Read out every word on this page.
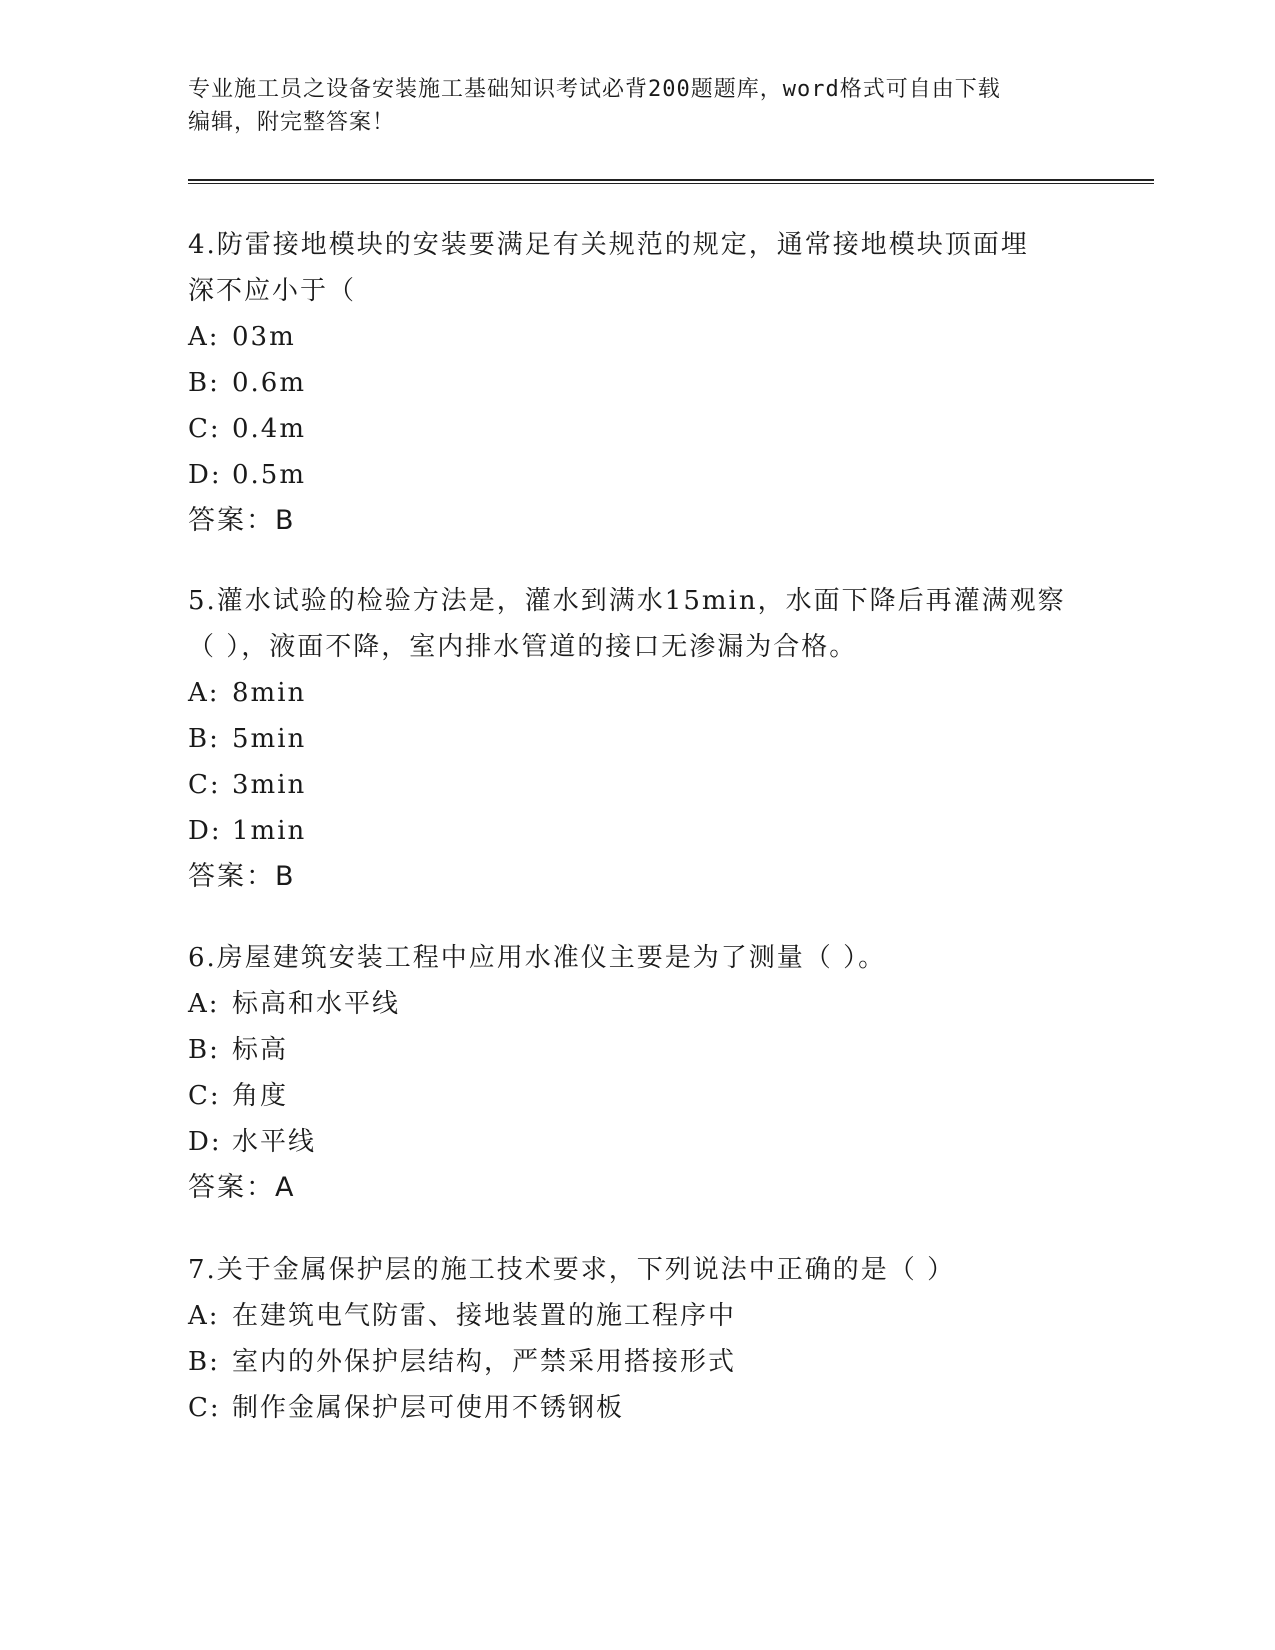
专业施工员之设备安装施工基础知识考试必背200题题库，word格式可自由下载
编辑，附完整答案！

4.防雷接地模块的安装要满足有关规范的规定，通常接地模块顶面埋

深不应小于（

A: 03m

B: 0.6m

C: 0.4m

D: 0.5m

答案：B

5.灌水试验的检验方法是，灌水到满水15min，水面下降后再灌满观察

（ ），液面不降，室内排水管道的接口无渗漏为合格。

A: 8min

B: 5min

C: 3min

D: 1min

答案：B

6.房屋建筑安装工程中应用水准仪主要是为了测量（ ）。

A: 标高和水平线

B: 标高

C: 角度

D: 水平线

答案：A

7.关于金属保护层的施工技术要求，下列说法中正确的是（ ）

A: 在建筑电气防雷、接地装置的施工程序中

B: 室内的外保护层结构，严禁采用搭接形式

C: 制作金属保护层可使用不锈钢板
